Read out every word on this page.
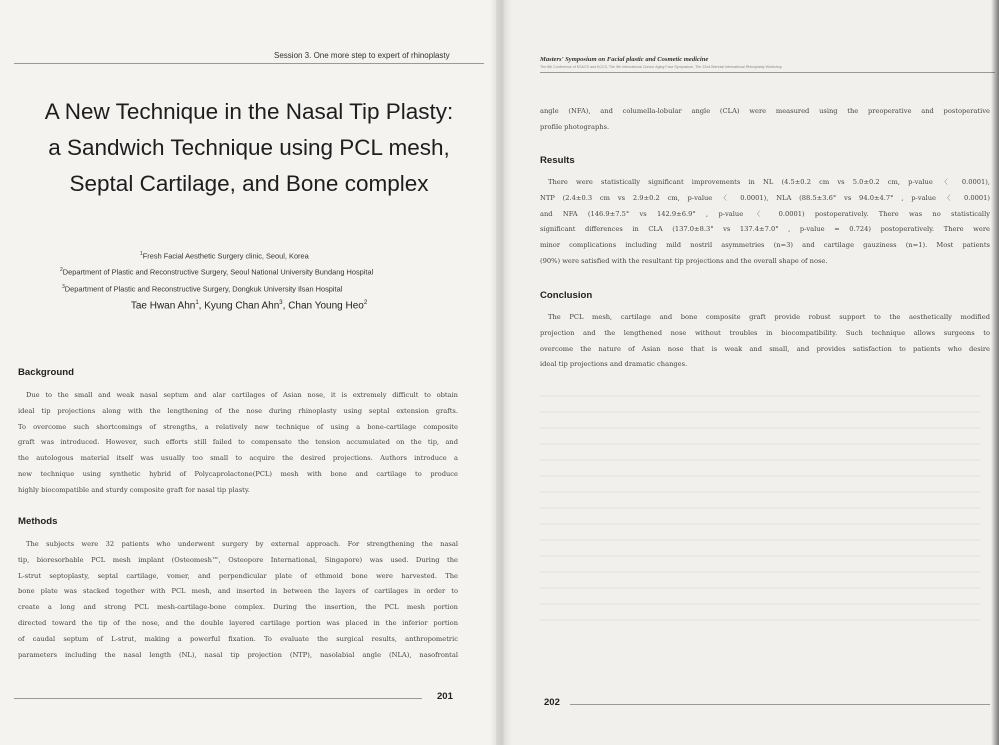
Session 3. One more step to expert of rhinoplasty
A New Technique in the Nasal Tip Plasty:
a Sandwich Technique using PCL mesh,
Septal Cartilage, and Bone complex
$^1$Fresh Facial Aesthetic Surgery clinic, Seoul, Korea
$^2$Department of Plastic and Reconstructive Surgery, Seoul National University Bundang Hospital
$^3$Department of Plastic and Reconstructive Surgery, Dongkuk University Ilsan Hospital
Tae Hwan Ahn$^1$, Kyung Chan Ahn$^3$, Chan Young Heo$^2$
Background
Due to the small and weak nasal septum and alar cartilages of Asian nose, it is extremely difficult to obtain
ideal tip projections along with the lengthening of the nose during rhinoplasty using septal extension grafts.
To overcome such shortcomings of strengths, a relatively new technique of using a bone-cartilage composite
graft was introduced. However, such efforts still failed to compensate the tension accumulated on the tip, and
the autologous material itself was usually too small to acquire the desired projections. Authors introduce a
new technique using synthetic hybrid of Polycaprolactone(PCL) mesh with bone and cartilage to produce
highly biocompatible and sturdy composite graft for nasal tip plasty.
Methods
The subjects were 32 patients who underwent surgery by external approach. For strengthening the nasal
tip, bioresorbable PCL mesh implant (Osteomesh™, Osteopore International, Singapore) was used. During the
L-strut septoplasty, septal cartilage, vomer, and perpendicular plate of ethmoid bone were harvested. The
bone plate was stacked together with PCL mesh, and inserted in between the layers of cartilages in order to
create a long and strong PCL mesh-cartilage-bone complex. During the insertion, the PCL mesh portion
directed toward the tip of the nose, and the double layered cartilage portion was placed in the inferior portion
of caudal septum of L-strut, making a powerful fixation. To evaluate the surgical results, anthropometric
parameters including the nasal length (NL), nasal tip projection (NTP), nasolabial angle (NLA), nasofrontal
201
Masters' Symposium on Facial plastic and Cosmetic medicine
The 8th Conference of KSACS and KCCS, The 9th International Consor Aging Face Symposium, The 22nd Biennial International Rhinoplasty Workshop
angle (NFA), and columella-lobular angle (CLA) were measured using the preoperative and postoperative
profile photographs.
Results
There were statistically significant improvements in NL (4.5±0.2 cm vs 5.0±0.2 cm, p-value 〈 0.0001),
NTP (2.4±0.3 cm vs 2.9±0.2 cm, p-value 〈 0.0001), NLA (88.5±3.6° vs 94.0±4.7° , p-value 〈 0.0001)
and NFA (146.9±7.5° vs 142.9±6.9° , p-value 〈 0.0001) postoperatively. There was no statistically
significant differences in CLA (137.0±8.3° vs 137.4±7.0° , p-value = 0.724) postoperatively. There were
minor complications including mild nostril asymmetries (n=3) and cartilage gauziness (n=1). Most patients
(90%) were satisfied with the resultant tip projections and the overall shape of nose.
Conclusion
The PCL mesh, cartilage and bone composite graft provide robust support to the aesthetically modified
projection and the lengthened nose without troubles in biocompatibility. Such technique allows surgeons to
overcome the nature of Asian nose that is weak and small, and provides satisfaction to patients who desire
ideal tip projections and dramatic changes.
202
